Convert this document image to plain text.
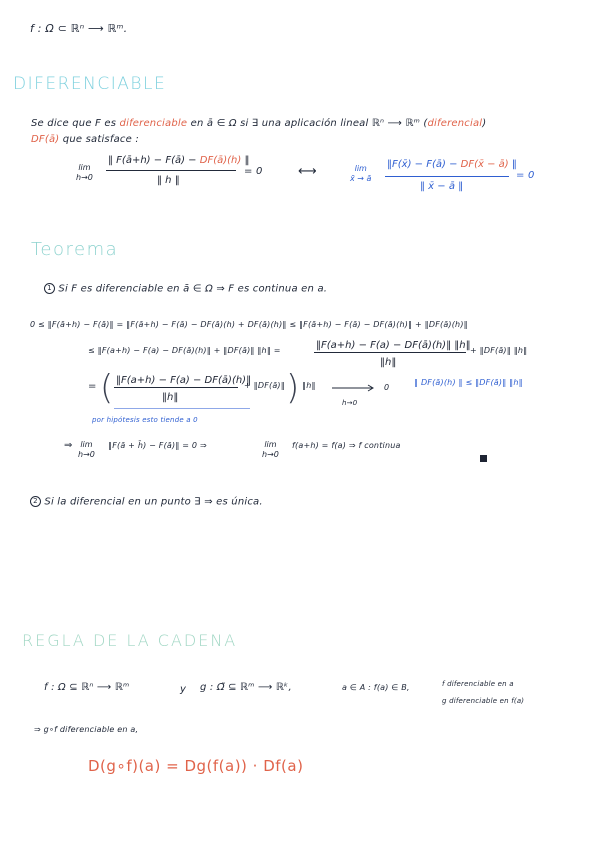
f : Ω ⊂ ℝⁿ ⟶ ℝᵐ.
DIFERENCIABLE
Se dice que F es diferenciable en ā ∈ Ω si ∃ una aplicación lineal ℝⁿ ⟶ ℝᵐ (diferencial)
DF(ā) que satisface :
lim
h→0
‖ F(ā+h) − F(ā) − DF(ā)(h) ‖
‖ h ‖
= 0	⟷	lim
x̄ → ā
‖F(x̄) − F(ā) − DF(x̄ − ā) ‖
‖ x̄ − ā ‖
= 0
Teorema
1 Si F es diferenciable en ā ∈ Ω ⇒ F es continua en a.
0 ≤ ‖F(ā+h) − F(ā)‖ = ‖F(ā+h) − F(ā) − DF(ā)(h) + DF(ā)(h)‖ ≤ ‖F(ā+h) − F(ā) − DF(ā)(h)‖ + ‖DF(ā)(h)‖
≤ ‖F(a+h) − F(a) − DF(ā)(h)‖ + ‖DF(ā)‖ ‖h‖ =	‖F(a+h) − F(a) − DF(ā)(h)‖ ‖h‖
‖h‖
+ ‖DF(ā)‖ ‖h‖
= ( ‖F(a+h) − F(a) − DF(ā)(h)‖
‖h‖
+ ‖DF(ā)‖ ) ‖h‖
h→0
0
‖ DF(ā)(h) ‖ ≤ ‖DF(ā)‖ ‖h‖
por hipótesis esto tiende a 0
⇒ lim
h→0
‖F(ā + h̄) − F(ā)‖ = 0 ⇒	lim
h→0
f(a+h) = f(a) ⇒ f continua
2 Si la diferencial en un punto ∃ ⇒ es única.
REGLA DE LA CADENA
f : Ω ⊆ ℝⁿ ⟶ ℝᵐ	y g : Ω̃ ⊆ ℝᵐ ⟶ ℝᵏ,	a ∈ A : f(a) ∈ B,	f diferenciable en a
g diferenciable en f(a)
⇒ g∘f diferenciable en a,
D(g∘f)(a) = Dg(f(a)) · Df(a)
